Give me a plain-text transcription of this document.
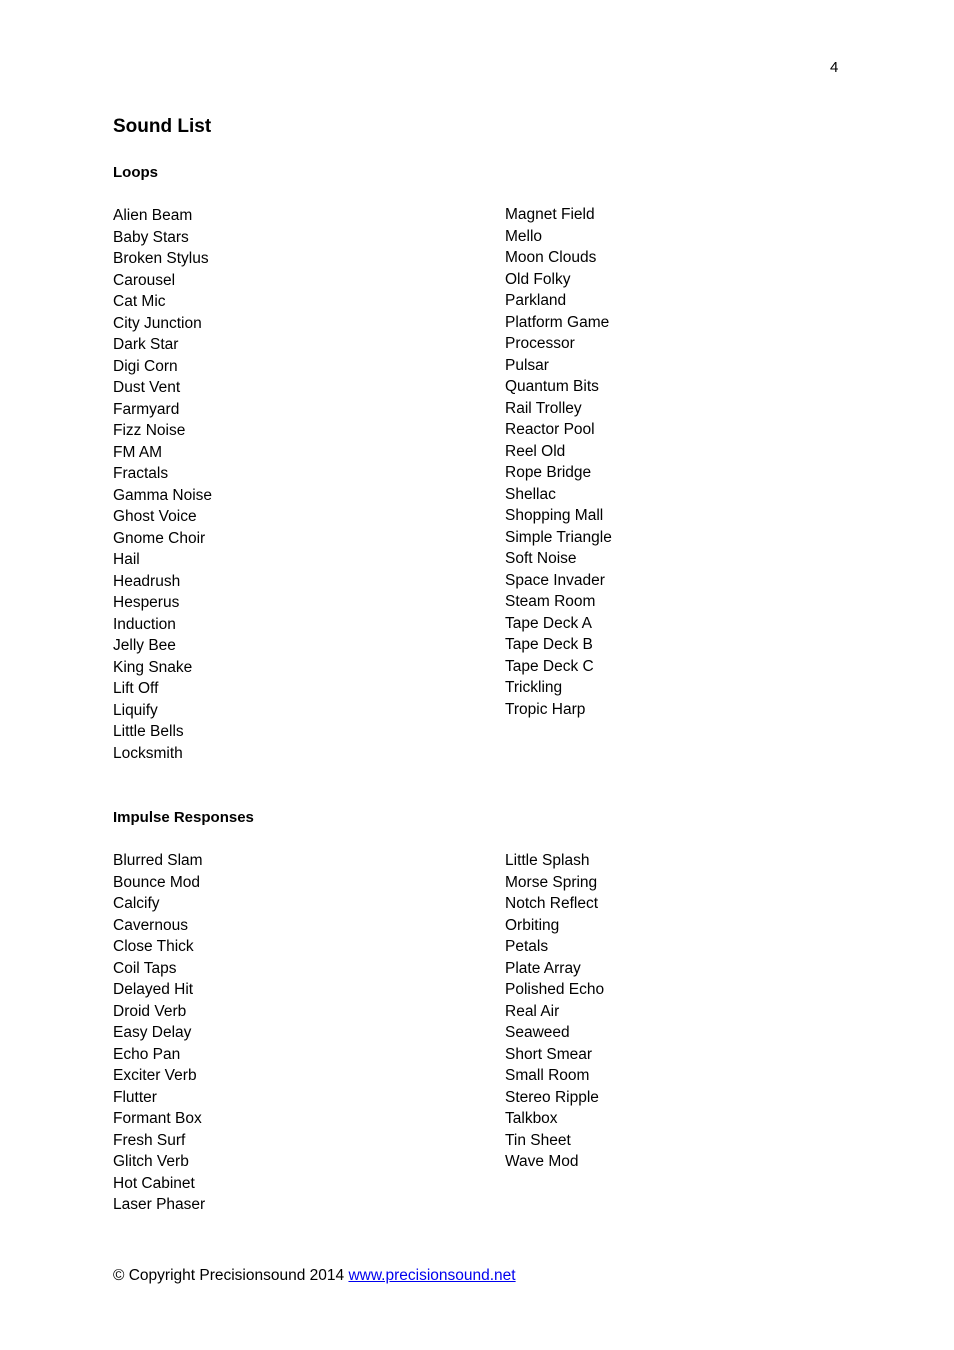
4
Sound List
Loops
Alien Beam
Baby Stars
Broken Stylus
Carousel
Cat Mic
City Junction
Dark Star
Digi Corn
Dust Vent
Farmyard
Fizz Noise
FM AM
Fractals
Gamma Noise
Ghost Voice
Gnome Choir
Hail
Headrush
Hesperus
Induction
Jelly Bee
King Snake
Lift Off
Liquify
Little Bells
Locksmith
Magnet Field
Mello
Moon Clouds
Old Folky
Parkland
Platform Game
Processor
Pulsar
Quantum Bits
Rail Trolley
Reactor Pool
Reel Old
Rope Bridge
Shellac
Shopping Mall
Simple Triangle
Soft Noise
Space Invader
Steam Room
Tape Deck A
Tape Deck B
Tape Deck C
Trickling
Tropic Harp
Impulse Responses
Blurred Slam
Bounce Mod
Calcify
Cavernous
Close Thick
Coil Taps
Delayed Hit
Droid Verb
Easy Delay
Echo Pan
Exciter Verb
Flutter
Formant Box
Fresh Surf
Glitch Verb
Hot Cabinet
Laser Phaser
Little Splash
Morse Spring
Notch Reflect
Orbiting
Petals
Plate Array
Polished Echo
Real Air
Seaweed
Short Smear
Small Room
Stereo Ripple
Talkbox
Tin Sheet
Wave Mod
© Copyright Precisionsound 2014 www.precisionsound.net
